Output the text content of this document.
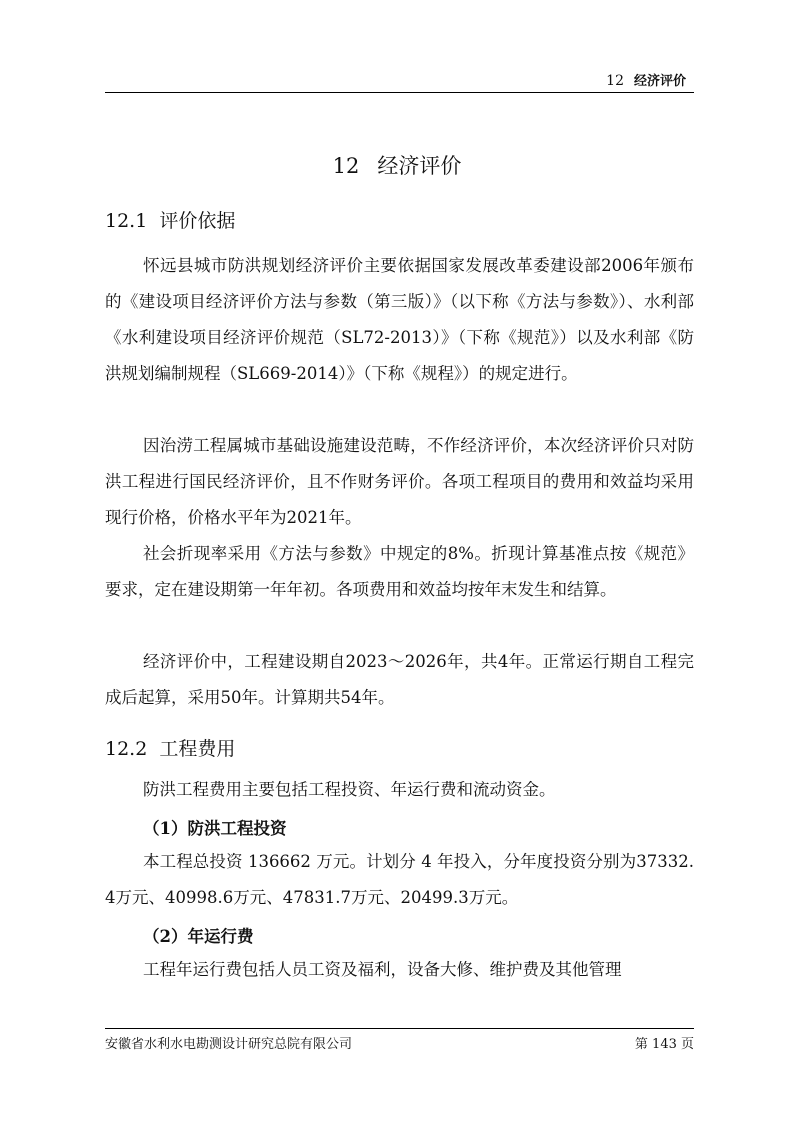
12 经济评价
12 经济评价
12.1 评价依据

怀远县城市防洪规划经济评价主要依据国家发展改革委建设部2006年颁布的《建设项目经济评价方法与参数（第三版）》（以下称《方法与参数》）、水利部《水利建设项目经济评价规范（SL72-2013）》（下称《规范》）以及水利部《防洪规划编制规程（SL669-2014）》（下称《规程》）的规定进行。

因治涝工程属城市基础设施建设范畴，不作经济评价，本次经济评价只对防洪工程进行国民经济评价，且不作财务评价。各项工程项目的费用和效益均采用现行价格，价格水平年为2021年。

社会折现率采用《方法与参数》中规定的8%。折现计算基准点按《规范》要求，定在建设期第一年年初。各项费用和效益均按年末发生和结算。

经济评价中，工程建设期自2023～2026年，共4年。正常运行期自工程完成后起算，采用50年。计算期共54年。

12.2 工程费用

防洪工程费用主要包括工程投资、年运行费和流动资金。

（1）防洪工程投资

本工程总投资 136662 万元。计划分 4 年投入，分年度投资分别为37332.4万元、40998.6万元、47831.7万元、20499.3万元。

（2）年运行费

工程年运行费包括人员工资及福利，设备大修、维护费及其他管理

安徽省水利水电勘测设计研究总院有限公司	第 143 页
